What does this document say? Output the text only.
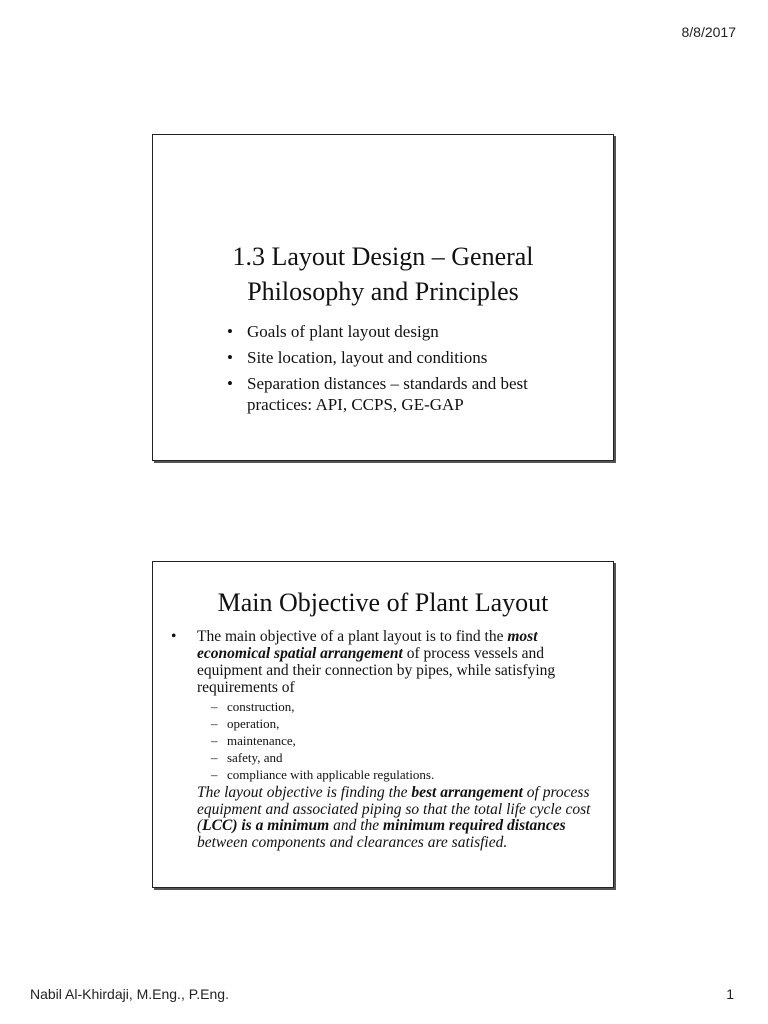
8/8/2017
1.3 Layout Design – General
Philosophy and Principles
• Goals of plant layout design
• Site location, layout and conditions
• Separation distances – standards and best practices: API, CCPS, GE-GAP
Main Objective of Plant Layout
• The main objective of a plant layout is to find the most economical spatial arrangement of process vessels and equipment and their connection by pipes, while satisfying requirements of
– construction,
– operation,
– maintenance,
– safety, and
– compliance with applicable regulations.
The layout objective is finding the best arrangement of process equipment and associated piping so that the total life cycle cost (LCC) is a minimum and the minimum required distances between components and clearances are satisfied.
Nabil Al-Khirdaji, M.Eng., P.Eng.	1
